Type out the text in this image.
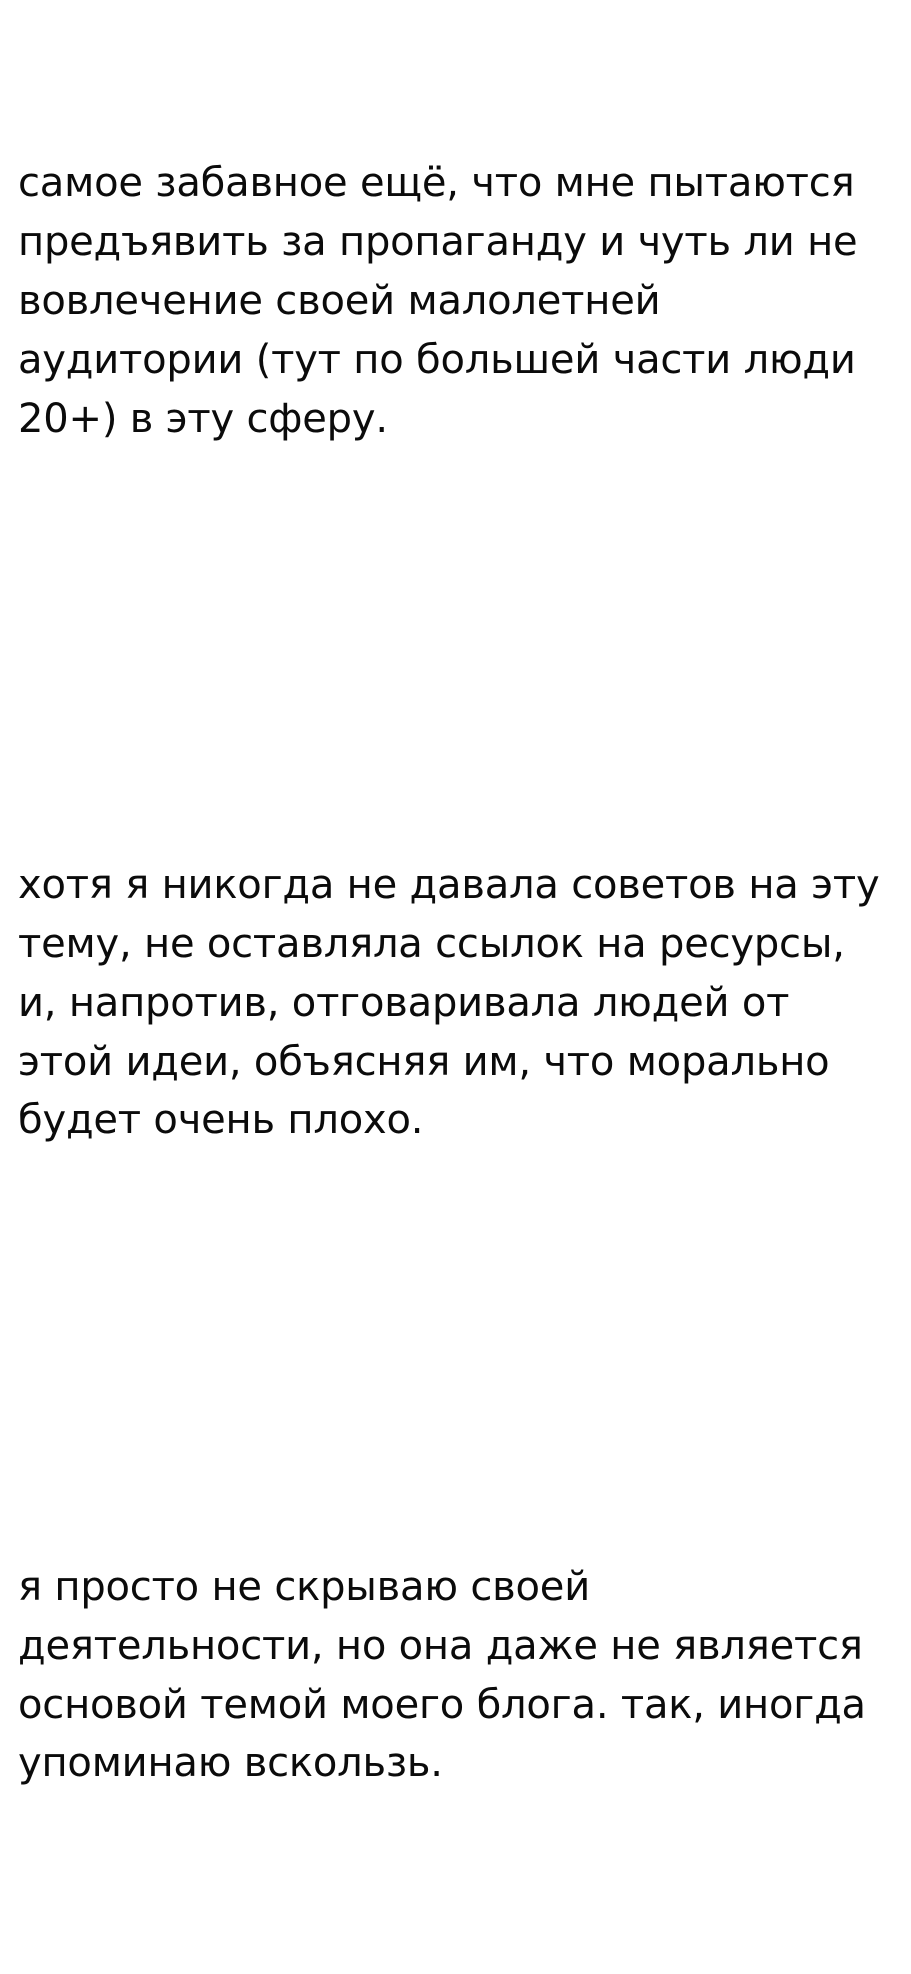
самое забавное ещё, что мне пытаются предъявить за пропаганду и чуть ли не вовлечение своей малолетней аудитории (тут по большей части люди 20+) в эту сферу.

хотя я никогда не давала советов на эту тему, не оставляла ссылок на ресурсы, и, напротив, отговаривала людей от этой идеи, объясняя им, что морально будет очень плохо.

я просто не скрываю своей деятельности, но она даже не является основой темой моего блога. так, иногда упоминаю вскользь.
